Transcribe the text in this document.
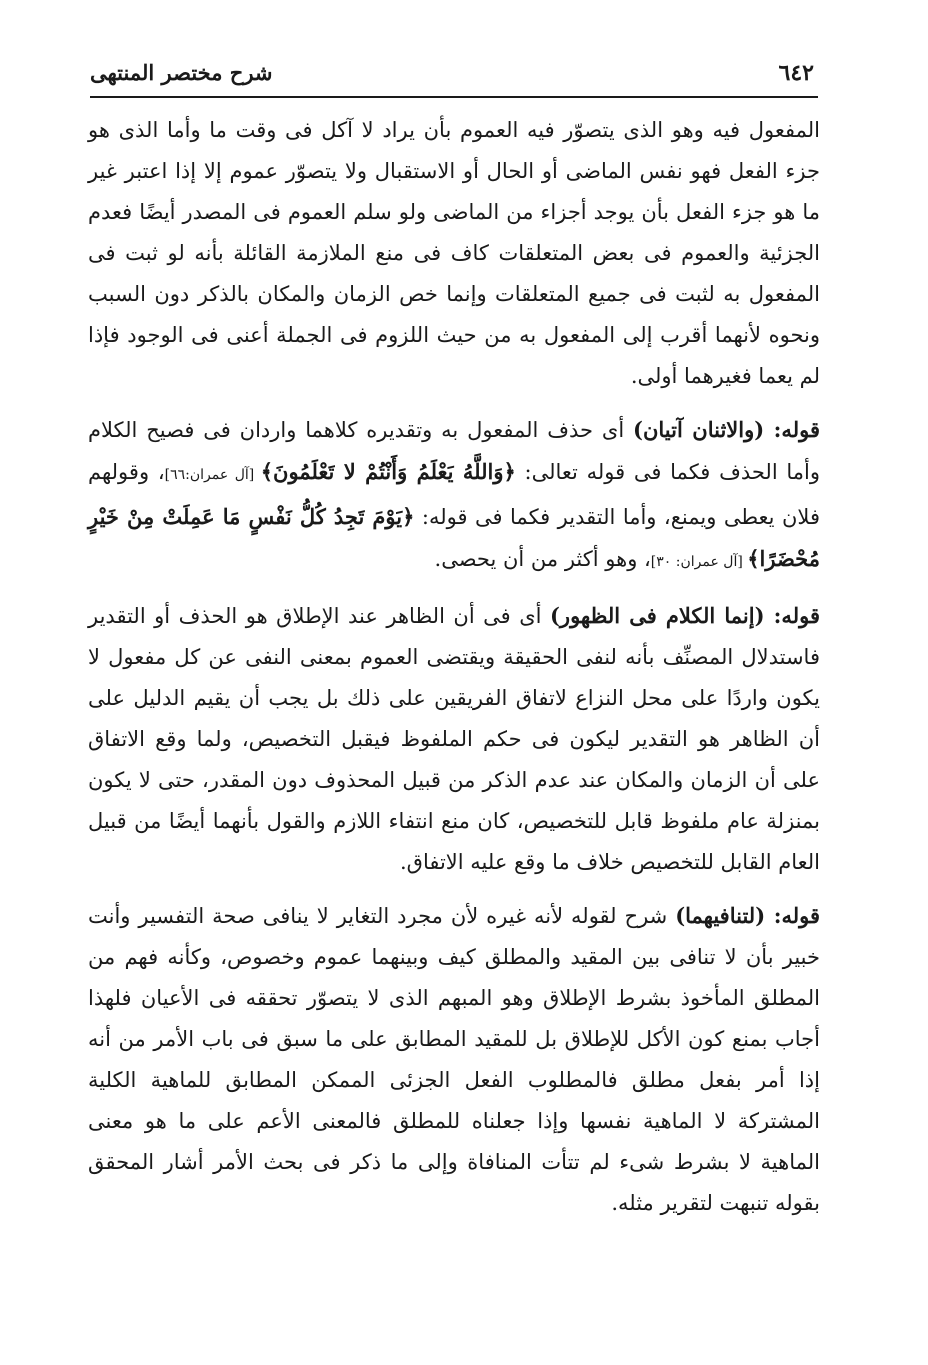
شرح مختصر المنتهى	٦٤٢

المفعول فيه وهو الذى يتصوّر فيه العموم بأن يراد لا آكل فى وقت ما وأما الذى هو جزء الفعل فهو نفس الماضى أو الحال أو الاستقبال ولا يتصوّر عموم إلا إذا اعتبر غير ما هو جزء الفعل بأن يوجد أجزاء من الماضى ولو سلم العموم فى المصدر أيضًا فعدم الجزئية والعموم فى بعض المتعلقات كاف فى منع الملازمة القائلة بأنه لو ثبت فى المفعول به لثبت فى جميع المتعلقات وإنما خص الزمان والمكان بالذكر دون السبب ونحوه لأنهما أقرب إلى المفعول به من حيث اللزوم فى الجملة أعنى فى الوجود فإذا لم يعما فغيرهما أولى.

قوله: (والاثنان آتيان) أى حذف المفعول به وتقديره كلاهما واردان فى فصيح الكلام وأما الحذف فكما فى قوله تعالى: ﴿وَاللَّهُ يَعْلَمُ وَأَنْتُمْ لا تَعْلَمُونَ﴾ [آل عمران:٦٦]، وقولهم فلان يعطى ويمنع، وأما التقدير فكما فى قوله: ﴿يَوْمَ تَجِدُ كُلُّ نَفْسٍ مَا عَمِلَتْ مِنْ خَيْرٍ مُحْضَرًا﴾ [آل عمران: ٣٠]، وهو أكثر من أن يحصى.

قوله: (إنما الكلام فى الظهور) أى فى أن الظاهر عند الإطلاق هو الحذف أو التقدير فاستدلال المصنِّف بأنه لنفى الحقيقة ويقتضى العموم بمعنى النفى عن كل مفعول لا يكون واردًا على محل النزاع لاتفاق الفريقين على ذلك بل يجب أن يقيم الدليل على أن الظاهر هو التقدير ليكون فى حكم الملفوظ فيقبل التخصيص، ولما وقع الاتفاق على أن الزمان والمكان عند عدم الذكر من قبيل المحذوف دون المقدر، حتى لا يكون بمنزلة عام ملفوظ قابل للتخصيص، كان منع انتفاء اللازم والقول بأنهما أيضًا من قبيل العام القابل للتخصيص خلاف ما وقع عليه الاتفاق.

قوله: (لتنافيهما) شرح لقوله لأنه غيره لأن مجرد التغاير لا ينافى صحة التفسير وأنت خبير بأن لا تنافى بين المقيد والمطلق كيف وبينهما عموم وخصوص، وكأنه فهم من المطلق المأخوذ بشرط الإطلاق وهو المبهم الذى لا يتصوّر تحققه فى الأعيان فلهذا أجاب بمنع كون الأكل للإطلاق بل للمقيد المطابق على ما سبق فى باب الأمر من أنه إذا أمر بفعل مطلق فالمطلوب الفعل الجزئى الممكن المطابق للماهية الكلية المشتركة لا الماهية نفسها وإذا جعلناه للمطلق فالمعنى الأعم على ما هو معنى الماهية لا بشرط شىء لم تتأت المنافاة وإلى ما ذكر فى بحث الأمر أشار المحقق بقوله تنبهت لتقرير مثله.
